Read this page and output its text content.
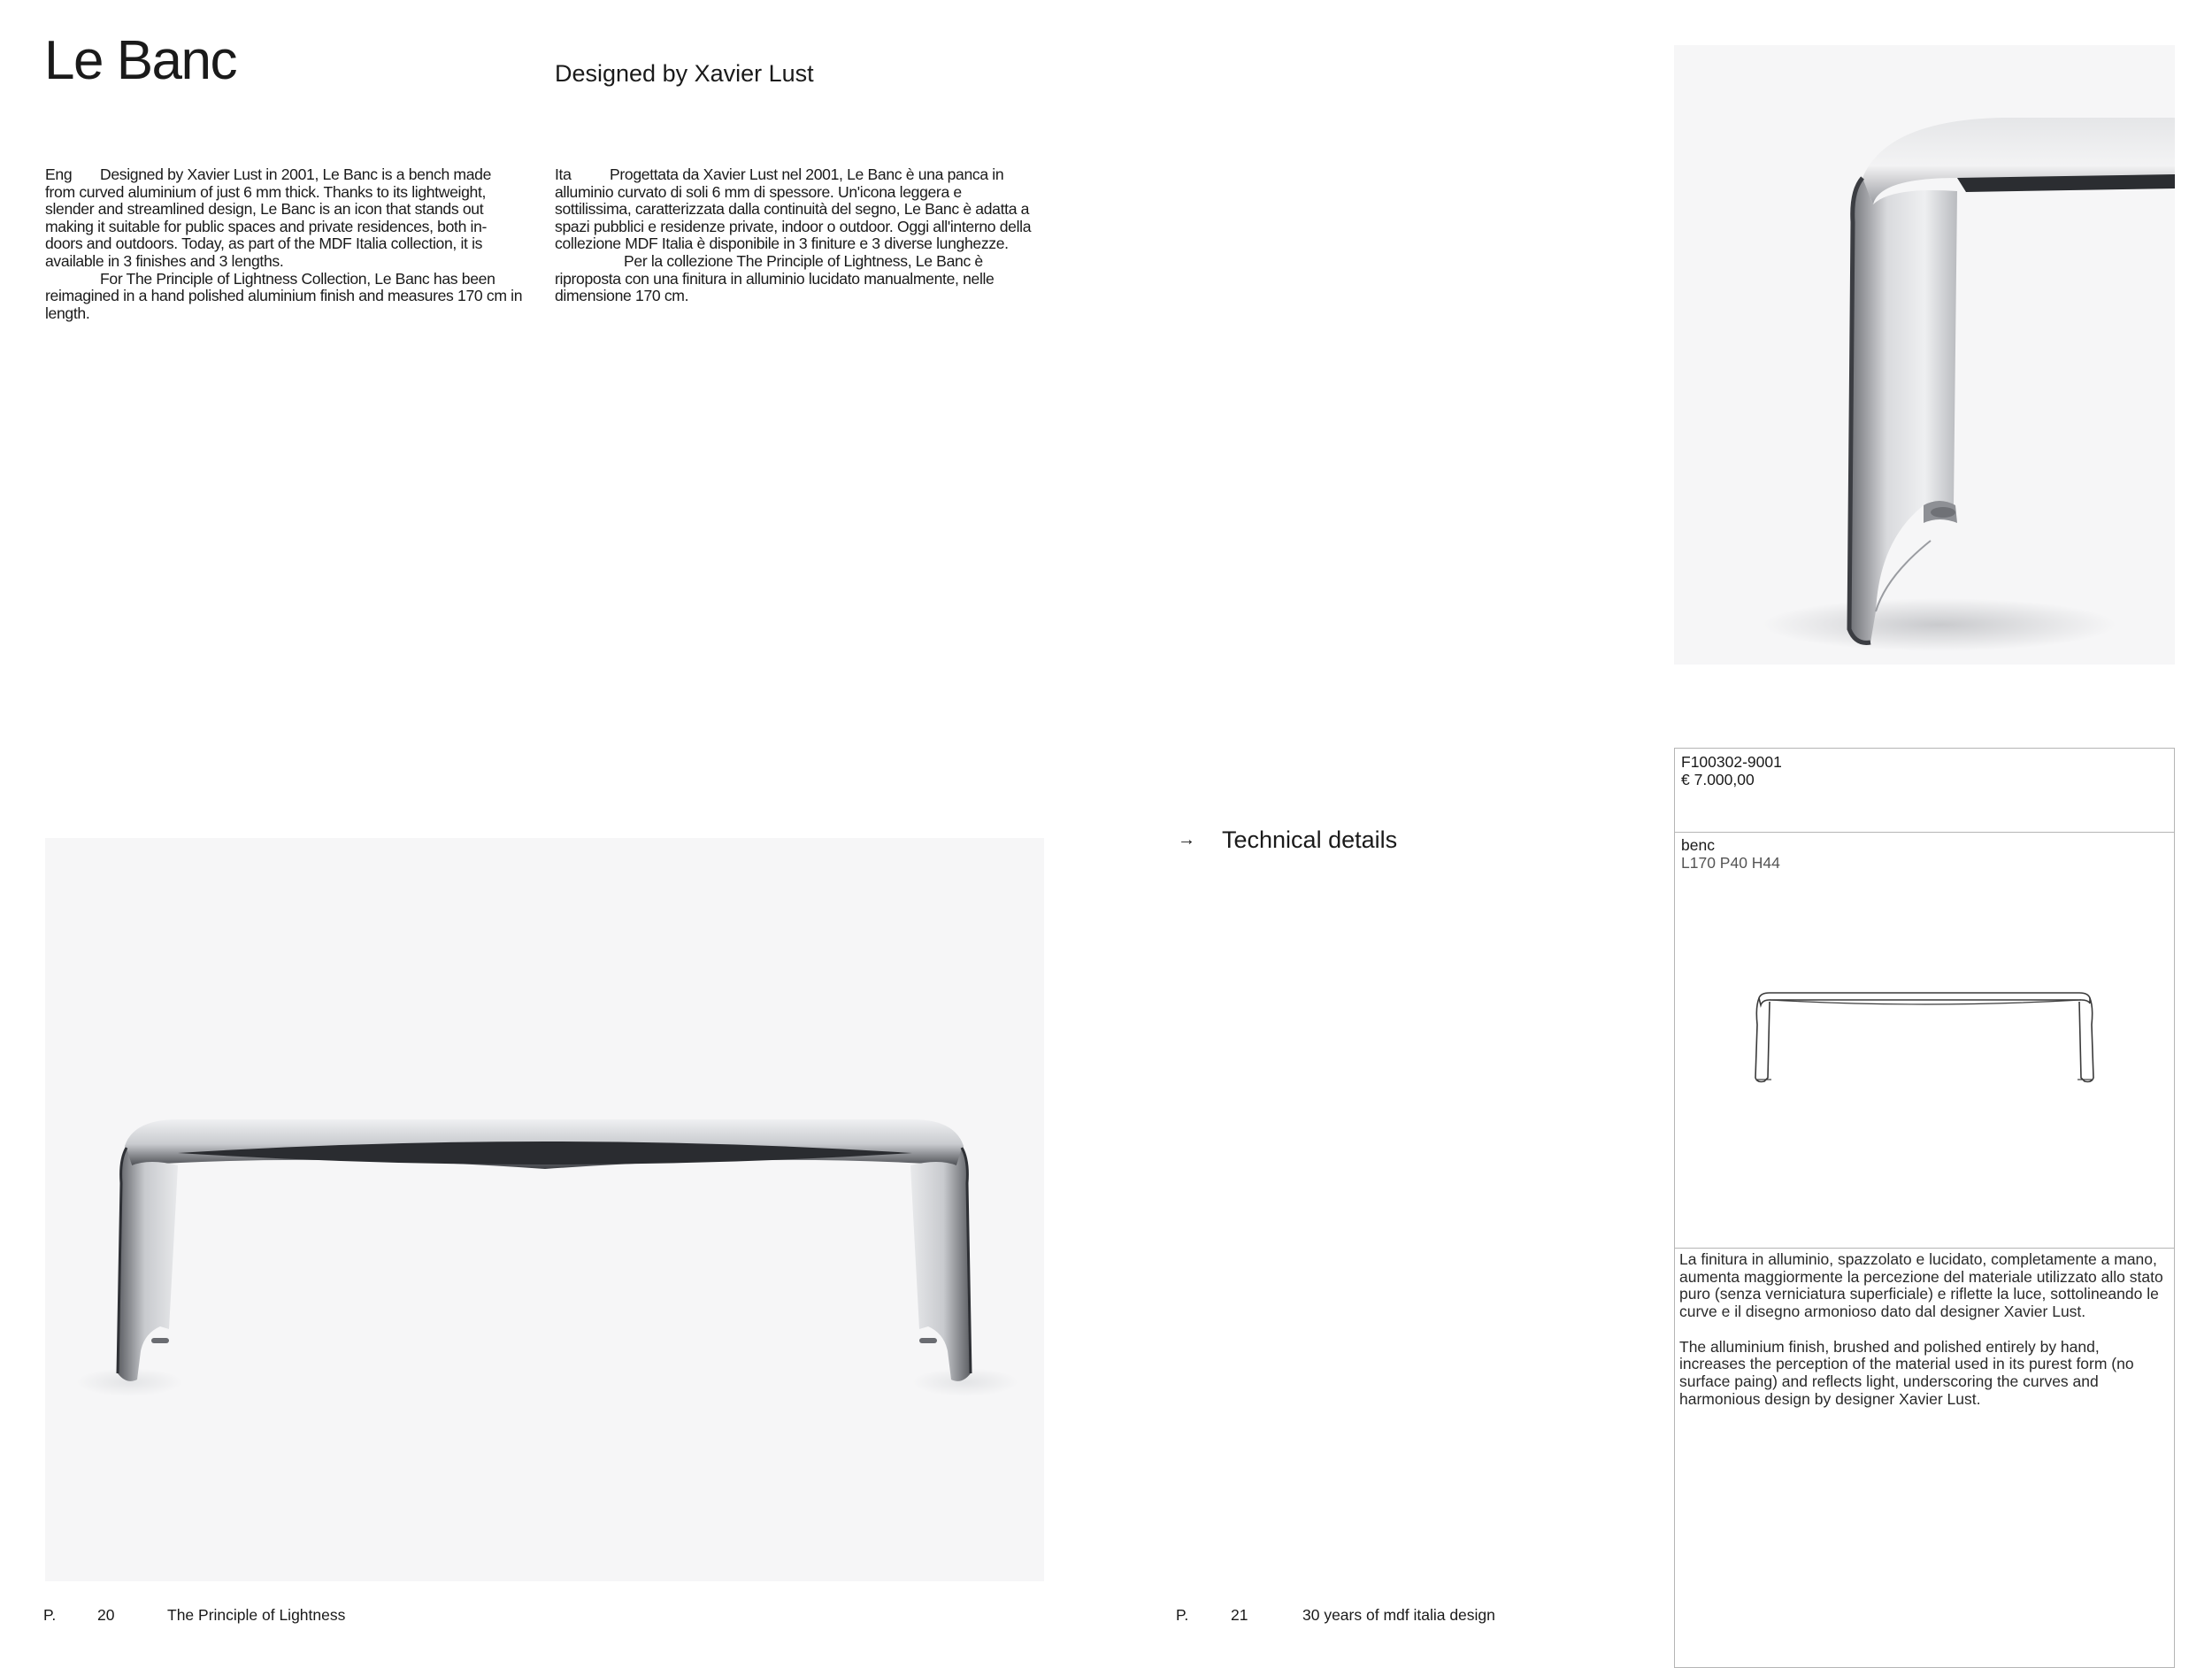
Le Banc	Designed by Xavier Lust
Eng Designed by Xavier Lust in 2001, Le Banc is a bench made from curved aluminium of just 6 mm thick. Thanks to its lightweight, slender and streamlined design, Le Banc is an icon that stands out making it suitable for public spaces and private residences, both in-doors and outdoors. Today, as part of the MDF Italia collection, it is available in 3 finishes and 3 lengths.
For The Principle of Lightness Collection, Le Banc has been reimagined in a hand polished aluminium finish and measures 170 cm in length.
Ita Progettata da Xavier Lust nel 2001, Le Banc è una panca in alluminio curvato di soli 6 mm di spessore. Un'icona leggera e sottilissima, caratterizzata dalla continuità del segno, Le Banc è adatta a spazi pubblici e residenze private, indoor o outdoor. Oggi all'interno della collezione MDF Italia è disponibile in 3 finiture e 3 diverse lunghezze.
Per la collezione The Principle of Lightness, Le Banc è riproposta con una finitura in alluminio lucidato manualmente, nelle dimensione 170 cm.
→ Technical details
F100302-9001
€ 7.000,00
benc
L170 P40 H44

La finitura in alluminio, spazzolato e lucidato, completamente a mano, aumenta maggiormente la percezione del materiale utilizzato allo stato puro (senza verniciatura superficiale) e riflette la luce, sottolineando le curve e il disegno armonioso dato dal designer Xavier Lust.

The alluminium finish, brushed and polished entirely by hand, increases the perception of the material used in its purest form (no surface paing) and reflects light, underscoring the curves and harmonious design by designer Xavier Lust.

P.	20	The Principle of Lightness	P.	21	30 years of mdf italia design
